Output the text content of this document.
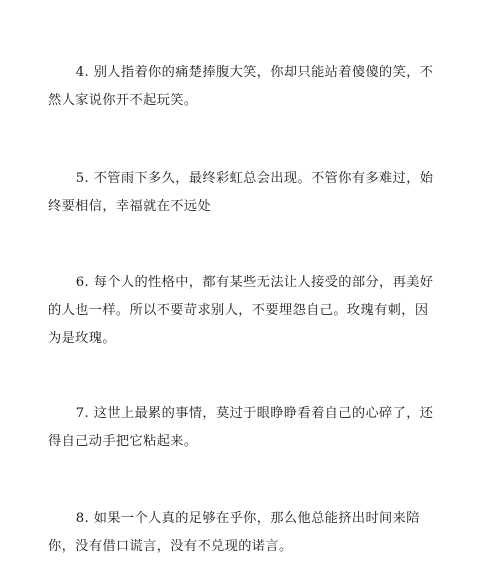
4. 别人指着你的痛楚捧腹大笑，你却只能站着傻傻的笑，不然人家说你开不起玩笑。

5. 不管雨下多久，最终彩虹总会出现。不管你有多难过，始终要相信，幸福就在不远处

6. 每个人的性格中，都有某些无法让人接受的部分，再美好的人也一样。所以不要苛求别人，不要埋怨自己。玫瑰有刺，因为是玫瑰。

7. 这世上最累的事情，莫过于眼睁睁看着自己的心碎了，还得自己动手把它粘起来。

8. 如果一个人真的足够在乎你，那么他总能挤出时间来陪你，没有借口谎言，没有不兑现的诺言。
